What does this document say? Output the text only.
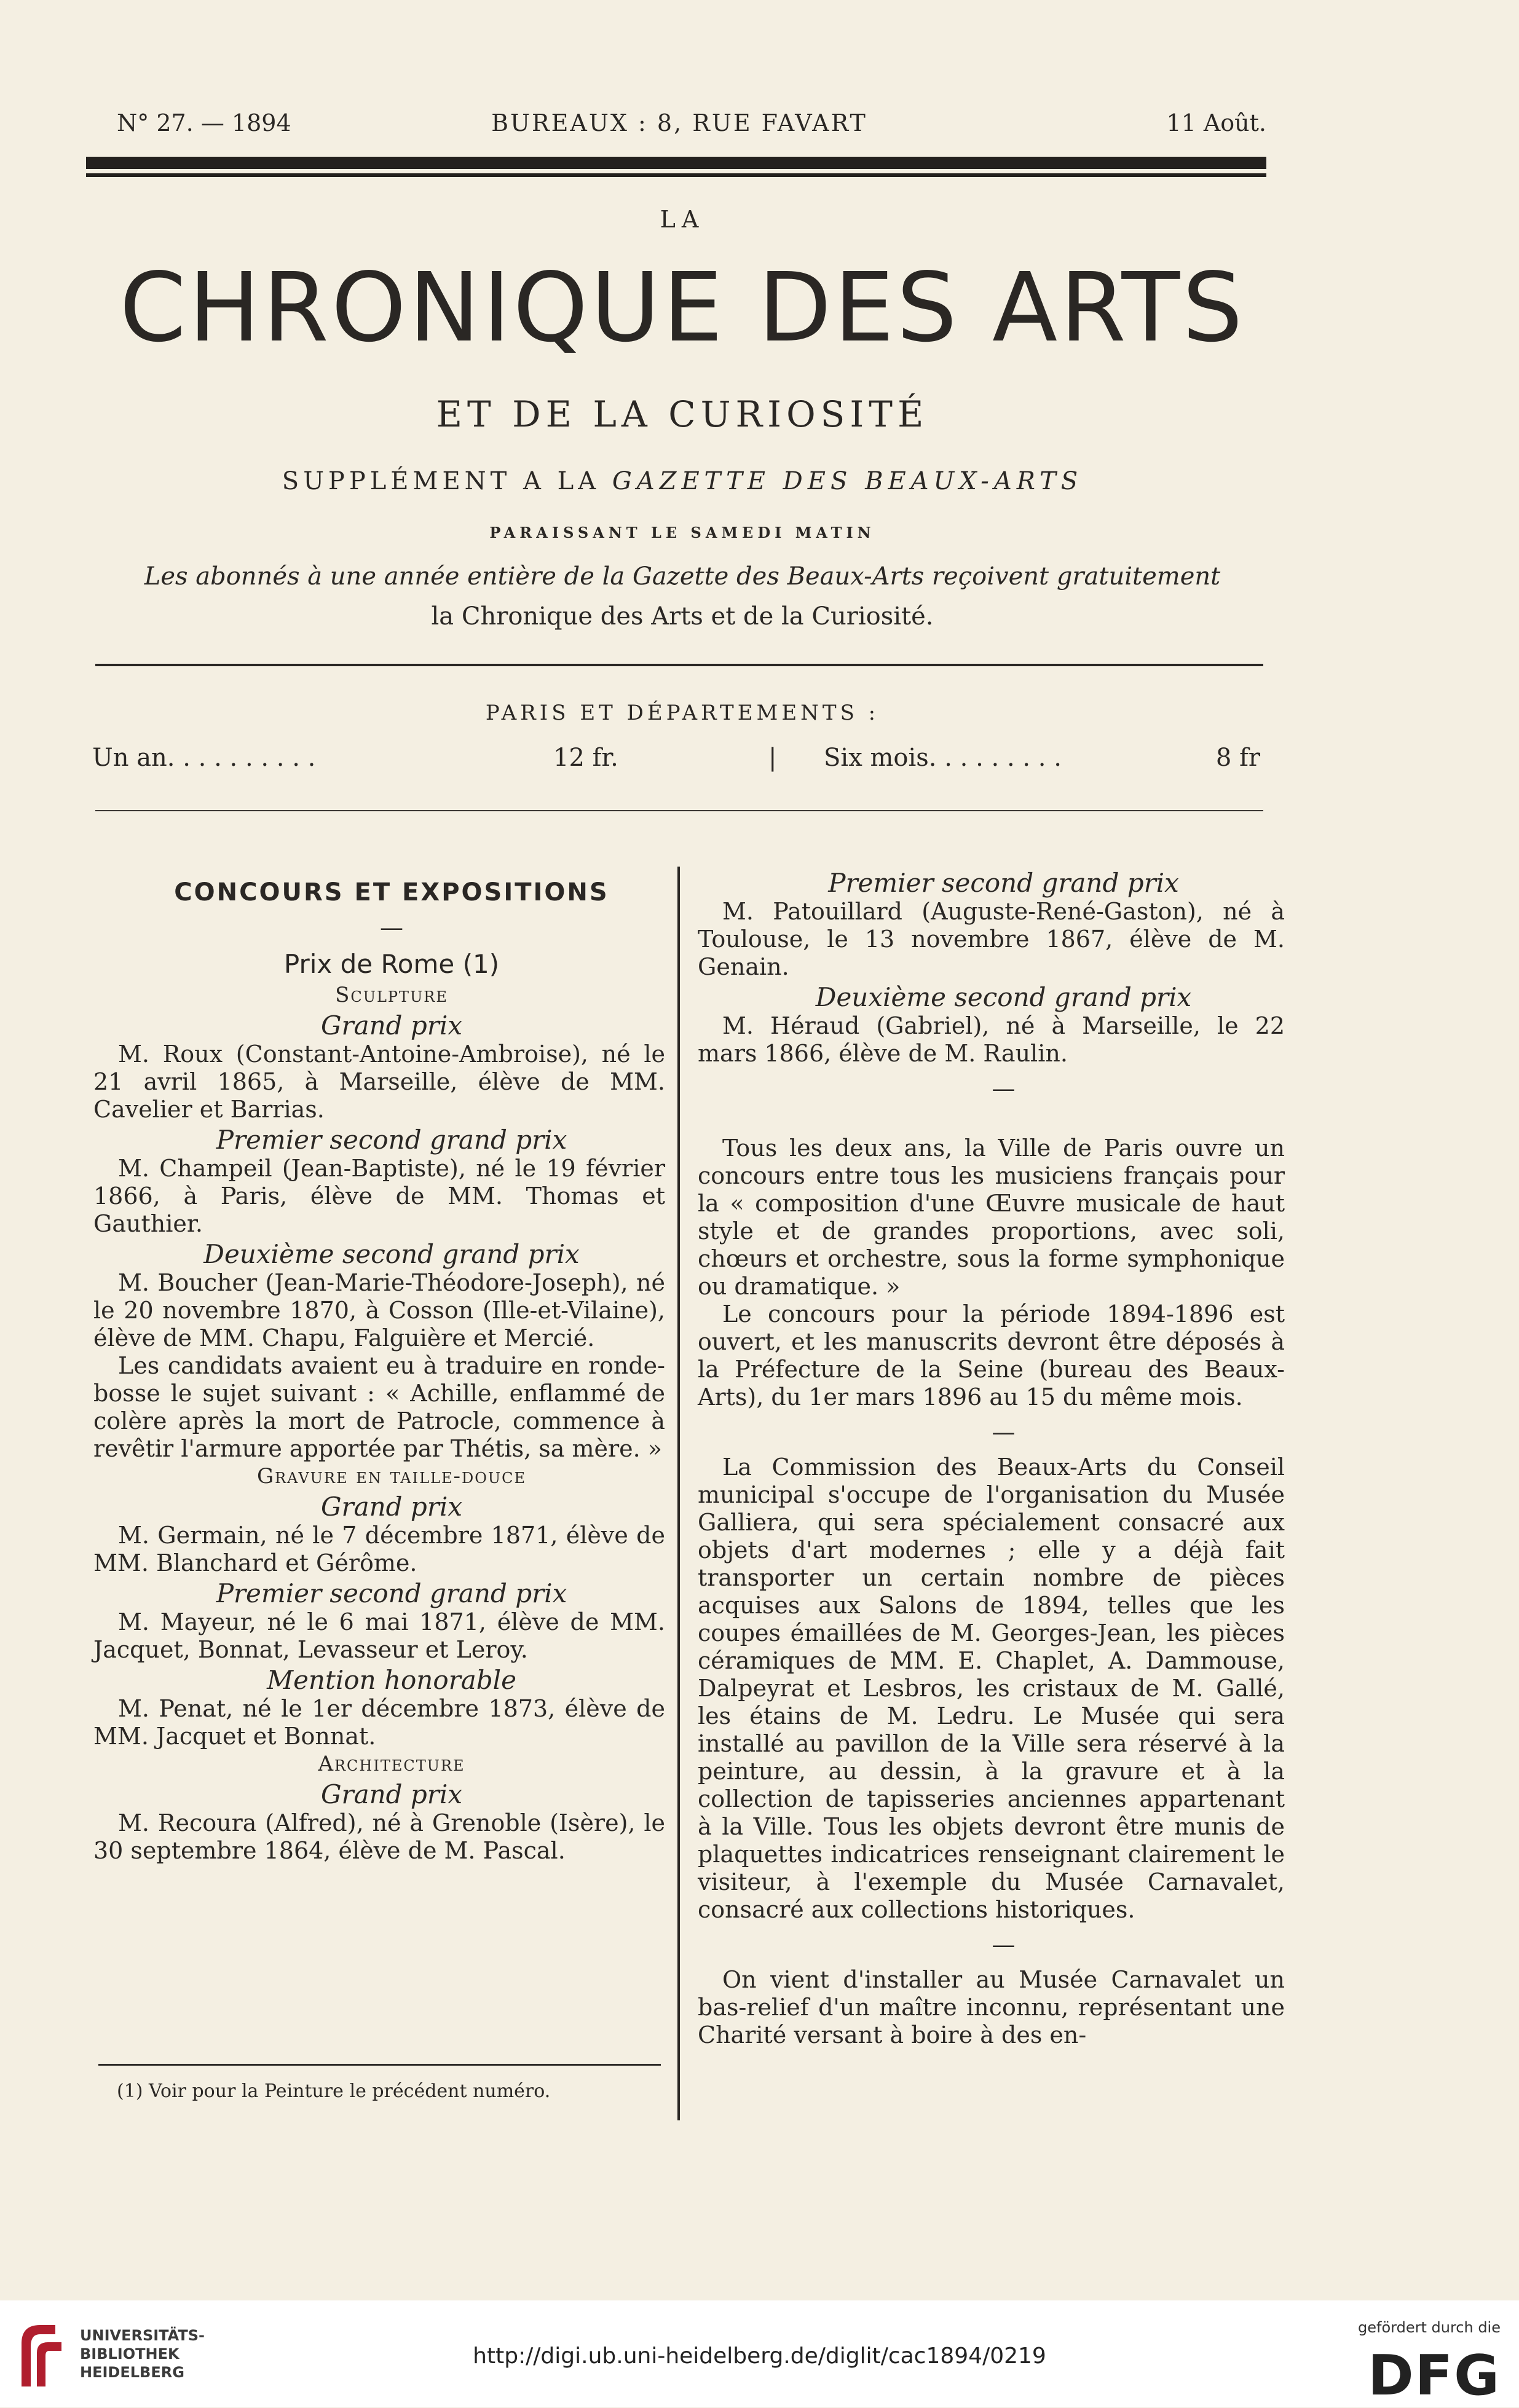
N° 27. — 1894	BUREAUX : 8, RUE FAVART	11 Août.
LA
CHRONIQUE DES ARTS
ET DE LA CURIOSITÉ
SUPPLÉMENT A LA GAZETTE DES BEAUX-ARTS
PARAISSANT LE SAMEDI MATIN
Les abonnés à une année entière de la Gazette des Beaux-Arts reçoivent gratuitement
la Chronique des Arts et de la Curiosité.
PARIS ET DÉPARTEMENTS :
Un an. . . . . . . . . .	12 fr.	| Six mois. . . . . . . . .	8 fr

CONCOURS ET EXPOSITIONS

—

Prix de Rome (1)

Sculpture

Grand prix

M. Roux (Constant-Antoine-Ambroise), né le 21 avril 1865, à Marseille, élève de MM. Cavelier et Barrias.

Premier second grand prix

M. Champeil (Jean-Baptiste), né le 19 février 1866, à Paris, élève de MM. Thomas et Gauthier.

Deuxième second grand prix

M. Boucher (Jean-Marie-Théodore-Joseph), né le 20 novembre 1870, à Cosson (Ille-et-Vilaine), élève de MM. Chapu, Falguière et Mercié.

Les candidats avaient eu à traduire en ronde-bosse le sujet suivant : « Achille, enflammé de colère après la mort de Patrocle, commence à revêtir l'armure apportée par Thétis, sa mère. »

Gravure en taille-douce

Grand prix

M. Germain, né le 7 décembre 1871, élève de MM. Blanchard et Gérôme.

Premier second grand prix

M. Mayeur, né le 6 mai 1871, élève de MM. Jacquet, Bonnat, Levasseur et Leroy.

Mention honorable

M. Penat, né le 1er décembre 1873, élève de MM. Jacquet et Bonnat.

Architecture

Grand prix

M. Recoura (Alfred), né à Grenoble (Isère), le 30 septembre 1864, élève de M. Pascal.

(1) Voir pour la Peinture le précédent numéro.

Premier second grand prix

M. Patouillard (Auguste-René-Gaston), né à Toulouse, le 13 novembre 1867, élève de M. Genain.

Deuxième second grand prix

M. Héraud (Gabriel), né à Marseille, le 22 mars 1866, élève de M. Raulin.

—

Tous les deux ans, la Ville de Paris ouvre un concours entre tous les musiciens français pour la « composition d'une Œuvre musicale de haut style et de grandes proportions, avec soli, chœurs et orchestre, sous la forme symphonique ou dramatique. »

Le concours pour la période 1894-1896 est ouvert, et les manuscrits devront être déposés à la Préfecture de la Seine (bureau des Beaux-Arts), du 1er mars 1896 au 15 du même mois.

—

La Commission des Beaux-Arts du Conseil municipal s'occupe de l'organisation du Musée Galliera, qui sera spécialement consacré aux objets d'art modernes ; elle y a déjà fait transporter un certain nombre de pièces acquises aux Salons de 1894, telles que les coupes émaillées de M. Georges-Jean, les pièces céramiques de MM. E. Chaplet, A. Dammouse, Dalpeyrat et Lesbros, les cristaux de M. Gallé, les étains de M. Ledru. Le Musée qui sera installé au pavillon de la Ville sera réservé à la peinture, au dessin, à la gravure et à la collection de tapisseries anciennes appartenant à la Ville. Tous les objets devront être munis de plaquettes indicatrices renseignant clairement le visiteur, à l'exemple du Musée Carnavalet, consacré aux collections historiques.

—

On vient d'installer au Musée Carnavalet un bas-relief d'un maître inconnu, représentant une Charité versant à boire à des en-

UNIVERSITÄTS-
BIBLIOTHEK
HEIDELBERG
http://digi.ub.uni-heidelberg.de/diglit/cac1894/0219
gefördert durch die
DFG
